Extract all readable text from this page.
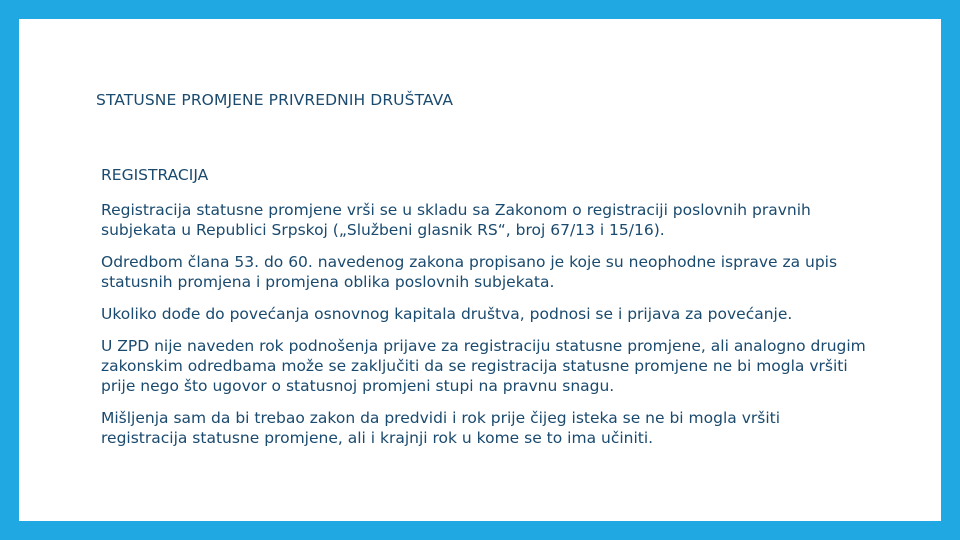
STATUSNE PROMJENE PRIVREDNIH DRUŠTAVA

REGISTRACIJA

Registracija statusne promjene vrši se u skladu sa Zakonom o registraciji poslovnih pravnih subjekata u Republici Srpskoj („Službeni glasnik RS“, broj 67/13 i 15/16).

Odredbom člana 53. do 60. navedenog zakona propisano je koje su neophodne isprave za upis statusnih promjena i promjena oblika poslovnih subjekata.

Ukoliko dođe do povećanja osnovnog kapitala društva, podnosi se i prijava za povećanje.

U ZPD nije naveden rok podnošenja prijave za registraciju statusne promjene, ali analogno drugim zakonskim odredbama može se zaključiti da se registracija statusne promjene ne bi mogla vršiti prije nego što ugovor o statusnoj promjeni stupi na pravnu snagu.

Mišljenja sam da bi trebao zakon da predvidi i rok prije čijeg isteka se ne bi mogla vršiti registracija statusne promjene, ali i krajnji rok u kome se to ima učiniti.
